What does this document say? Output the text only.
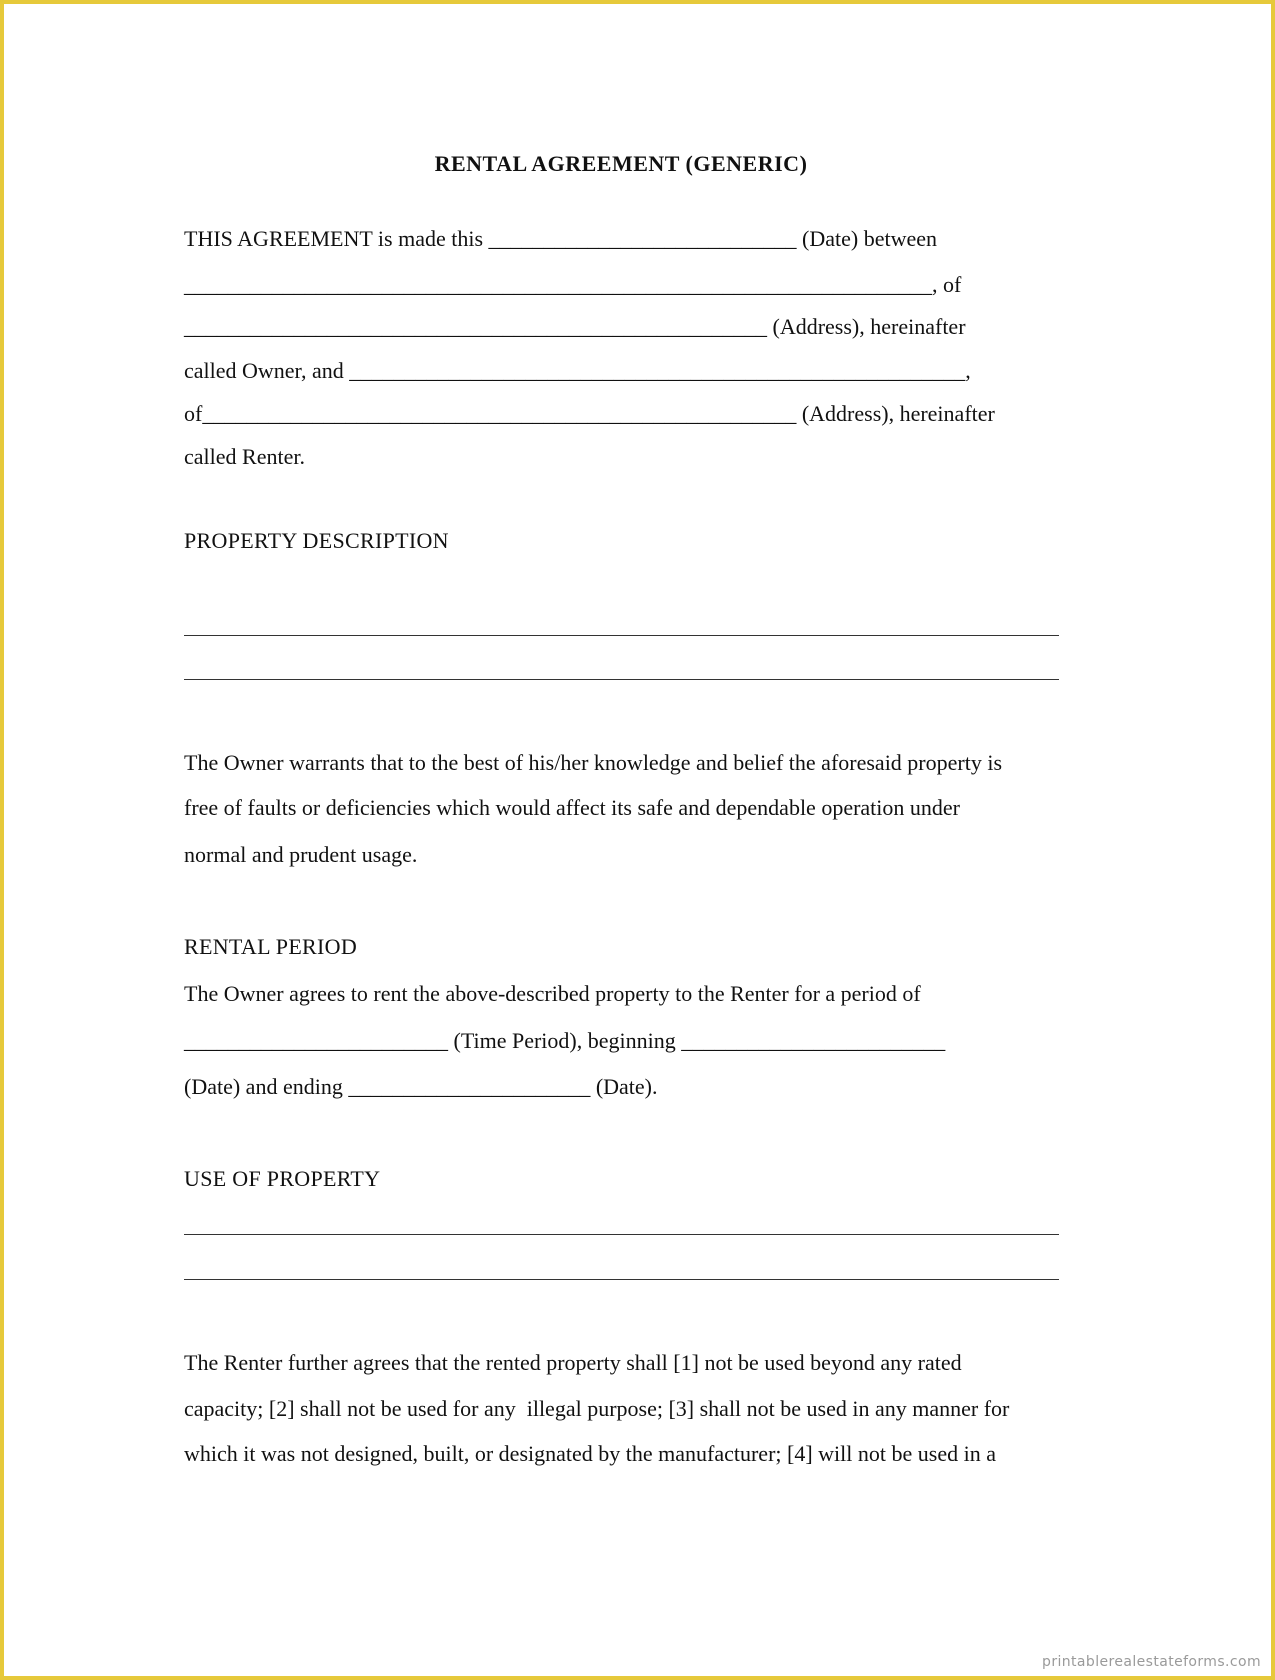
RENTAL AGREEMENT (GENERIC)
THIS AGREEMENT is made this ____________________________ (Date) between
____________________________________________________________________, of
_____________________________________________________ (Address), hereinafter
called Owner, and ________________________________________________________,
of______________________________________________________ (Address), hereinafter
called Renter.
PROPERTY DESCRIPTION
The Owner warrants that to the best of his/her knowledge and belief the aforesaid property is
free of faults or deficiencies which would affect its safe and dependable operation under
normal and prudent usage.
RENTAL PERIOD
The Owner agrees to rent the above-described property to the Renter for a period of
________________________ (Time Period), beginning ________________________
(Date) and ending ______________________ (Date).
USE OF PROPERTY
The Renter further agrees that the rented property shall [1] not be used beyond any rated
capacity; [2] shall not be used for any  illegal purpose; [3] shall not be used in any manner for
which it was not designed, built, or designated by the manufacturer; [4] will not be used in a
printablerealestateforms.com
